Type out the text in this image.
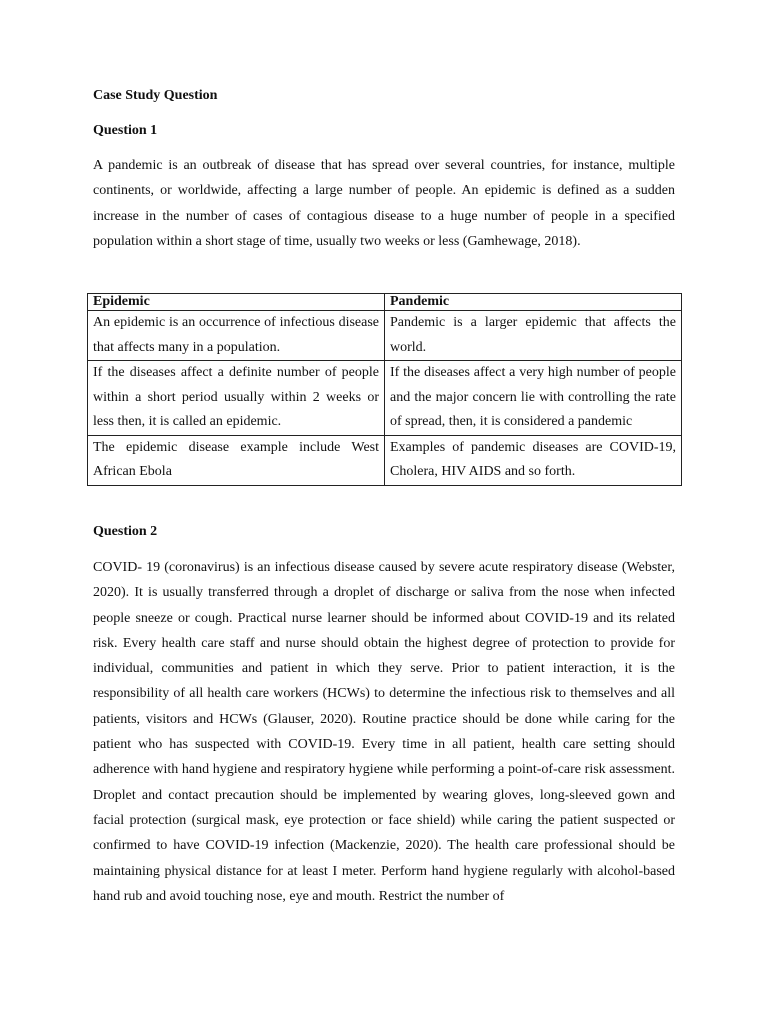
Case Study Question

Question 1

A pandemic is an outbreak of disease that has spread over several countries, for instance, multiple continents, or worldwide, affecting a large number of people. An epidemic is defined as a sudden increase in the number of cases of contagious disease to a huge number of people in a specified population within a short stage of time, usually two weeks or less (Gamhewage, 2018).

Epidemic	Pandemic
An epidemic is an occurrence of infectious disease that affects many in a population.	Pandemic is a larger epidemic that affects the world.
If the diseases affect a definite number of people within a short period usually within 2 weeks or less then, it is called an epidemic.	If the diseases affect a very high number of people and the major concern lie with controlling the rate of spread, then, it is considered a pandemic
The epidemic disease example include West African Ebola	Examples of pandemic diseases are COVID-19, Cholera, HIV AIDS and so forth.

Question 2

COVID- 19 (coronavirus) is an infectious disease caused by severe acute respiratory disease (Webster, 2020). It is usually transferred through a droplet of discharge or saliva from the nose when infected people sneeze or cough. Practical nurse learner should be informed about COVID-19 and its related risk. Every health care staff and nurse should obtain the highest degree of protection to provide for individual, communities and patient in which they serve. Prior to patient interaction, it is the responsibility of all health care workers (HCWs) to determine the infectious risk to themselves and all patients, visitors and HCWs (Glauser, 2020). Routine practice should be done while caring for the patient who has suspected with COVID-19. Every time in all patient, health care setting should adherence with hand hygiene and respiratory hygiene while performing a point-of-care risk assessment. Droplet and contact precaution should be implemented by wearing gloves, long-sleeved gown and facial protection (surgical mask, eye protection or face shield) while caring the patient suspected or confirmed to have COVID-19 infection (Mackenzie, 2020). The health care professional should be maintaining physical distance for at least I meter. Perform hand hygiene regularly with alcohol-based hand rub and avoid touching nose, eye and mouth. Restrict the number of
